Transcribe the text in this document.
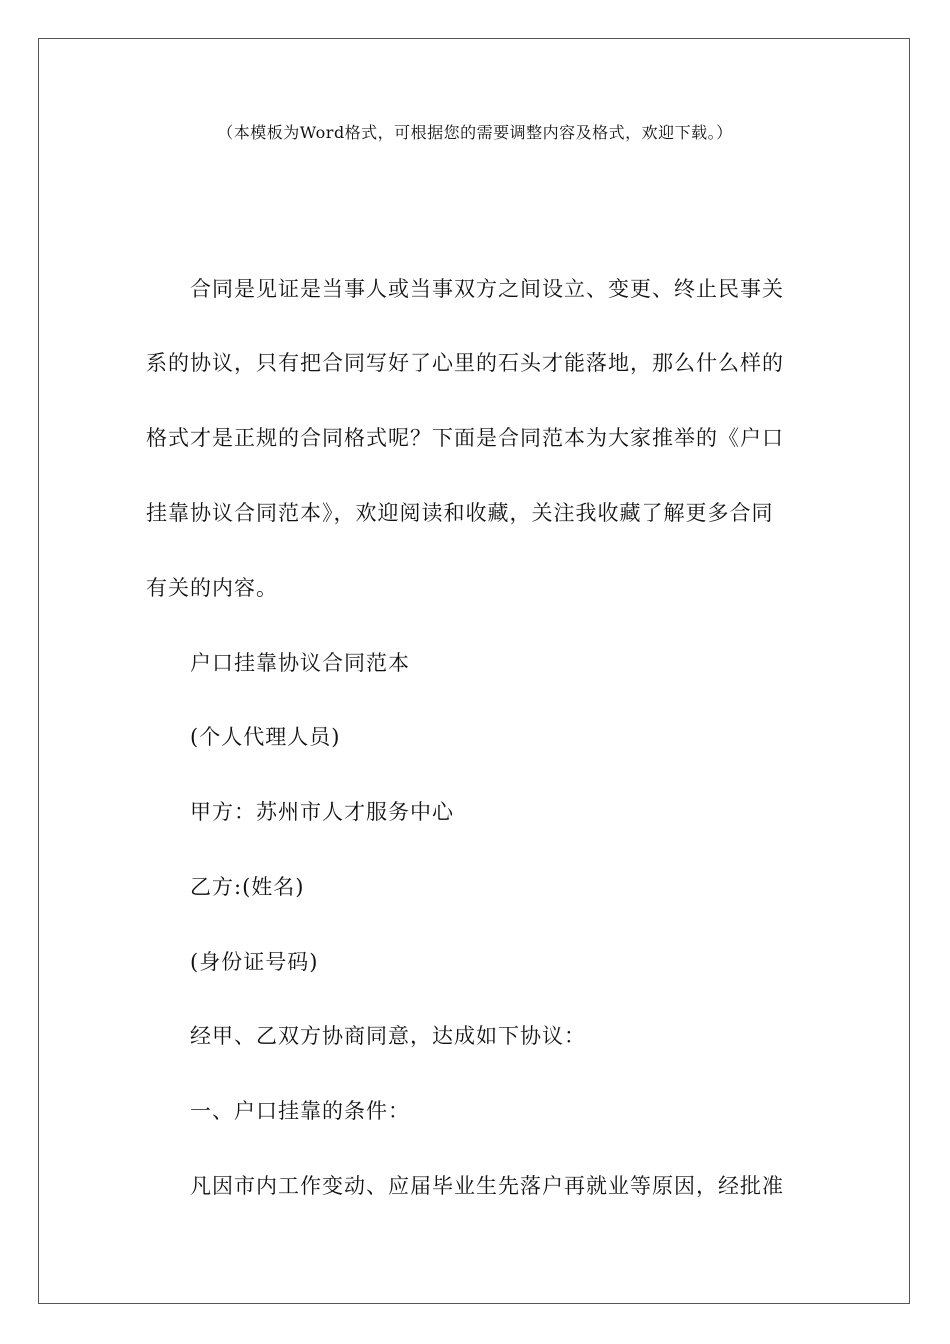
（本模板为Word格式，可根据您的需要调整内容及格式，欢迎下载。）
合同是见证是当事人或当事双方之间设立、变更、终止民事关
系的协议，只有把合同写好了心里的石头才能落地，那么什么样的
格式才是正规的合同格式呢？下面是合同范本为大家推举的《户口
挂靠协议合同范本》，欢迎阅读和收藏，关注我收藏了解更多合同
有关的内容。
户口挂靠协议合同范本
(个人代理人员)
甲方：苏州市人才服务中心
乙方:(姓名)
(身份证号码)
经甲、乙双方协商同意，达成如下协议：
一、户口挂靠的条件：
凡因市内工作变动、应届毕业生先落户再就业等原因，经批准
